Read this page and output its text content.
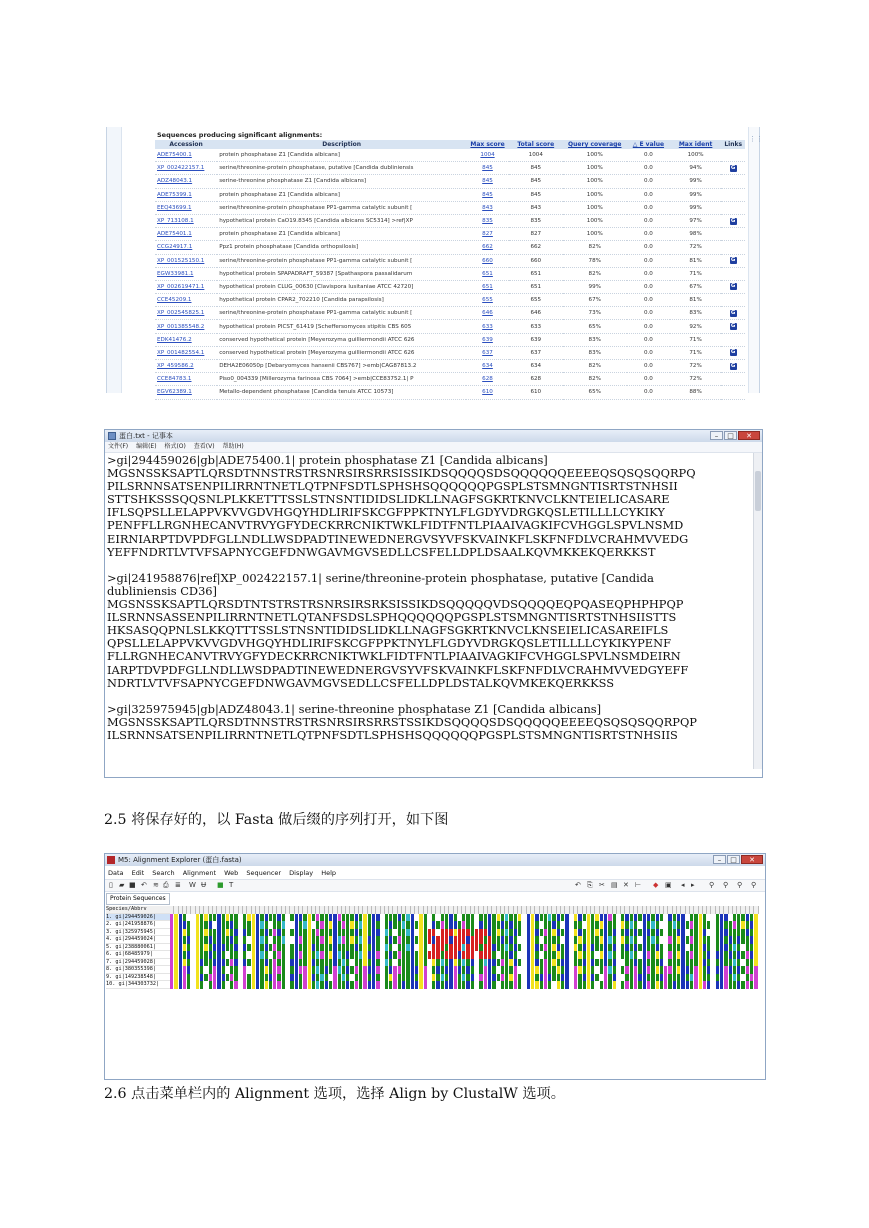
Sequences producing significant alignments:
Accession	Description	Max score	Total score	Query coverage	△ E value	Max ident	Links
ADE75400.1	protein phosphatase Z1 [Candida albicans]	1004	1004	100%	0.0	100%	
XP_002422157.1	serine/threonine-protein phosphatase, putative [Candida dubliniensis	845	845	100%	0.0	94%	G
ADZ48043.1	serine-threonine phosphatase Z1 [Candida albicans]	845	845	100%	0.0	99%	
ADE75399.1	protein phosphatase Z1 [Candida albicans]	845	845	100%	0.0	99%	
EEQ43699.1	serine/threonine-protein phosphatase PP1-gamma catalytic subunit [	843	843	100%	0.0	99%	
XP_713108.1	hypothetical protein CaO19.8345 [Candida albicans SC5314] >ref|XP	835	835	100%	0.0	97%	G
ADE75401.1	protein phosphatase Z1 [Candida albicans]	827	827	100%	0.0	98%	
CCG24917.1	Ppz1 protein phosphatase [Candida orthopsilosis]	662	662	82%	0.0	72%	
XP_001525150.1	serine/threonine-protein phosphatase PP1-gamma catalytic subunit [	660	660	78%	0.0	81%	G
EGW33981.1	hypothetical protein SPAPADRAFT_59387 [Spathaspora passalidarum	651	651	82%	0.0	71%	
XP_002619471.1	hypothetical protein CLUG_00630 [Clavispora lusitaniae ATCC 42720]	651	651	99%	0.0	67%	G
CCE45209.1	hypothetical protein CPAR2_702210 [Candida parapsilosis]	655	655	67%	0.0	81%	
XP_002545825.1	serine/threonine-protein phosphatase PP1-gamma catalytic subunit [	646	646	73%	0.0	83%	G
XP_001385548.2	hypothetical protein PICST_61419 [Scheffersomyces stipitis CBS 605	633	633	65%	0.0	92%	G
EDK41476.2	conserved hypothetical protein [Meyerozyma guilliermondii ATCC 626	639	639	83%	0.0	71%	
XP_001482554.1	conserved hypothetical protein [Meyerozyma guilliermondii ATCC 626	637	637	83%	0.0	71%	G
XP_459586.2	DEHA2E06050p [Debaryomyces hansenii CBS767] >emb|CAG87813.2	634	634	82%	0.0	72%	G
CCE84783.1	Piso0_004339 [Millerozyma farinosa CBS 7064] >emb|CCE83752.1| P	628	628	82%	0.0	72%	
EGV62389.1	Metallo-dependent phosphatase [Candida tenuis ATCC 10573]	610	610	65%	0.0	88%	
⋮⋮
蛋白.txt - 记事本	–	□	✕
文件(F) 编辑(E) 格式(O) 查看(V) 帮助(H)
>gi|294459026|gb|ADE75400.1| protein phosphatase Z1 [Candida albicans]
MGSNSSKSAPTLQRSDTNNSTRSTRSNRSIRSRRSISSIKDSQQQQSDSQQQQQQEEEEQSQSQSQQRPQ
PILSRNNSATSENPILIRRNTNETLQTPNFSDTLSPHSHSQQQQQQPGSPLSTSMNGNTISRTSTNHSII
STTSHKSSSQQSNLPLKKETTTSSLSTNSNTIDIDSLIDKLLNAGFSGKRTKNVCLKNTEIELICASARE
IFLSQPSLLELAPPVKVVGDVHGQYHDLIRIFSKCGFPPKTNYLFLGDYVDRGKQSLETILLLLCYKIKY
PENFFLLRGNHECANVTRVYGFYDECKRRCNIKTWKLFIDTFNTLPIAAIVAGKIFCVHGGLSPVLNSMD
EIRNIARPTDVPDFGLLNDLLWSDPADTINEWEDNERGVSYVFSKVAINKFLSKFNFDLVCRAHMVVEDG
YEFFNDRTLVTVFSAPNYCGEFDNWGAVMGVSEDLLCSFELLDPLDSAALKQVMKKEKQERKKST
>gi|241958876|ref|XP_002422157.1| serine/threonine-protein phosphatase, putative [Candida
dubliniensis CD36]
MGSNSSKSAPTLQRSDTNTSTRSTRSNRSIRSRKSISSIKDSQQQQQVDSQQQQEQPQASEQPHPHPQP
ILSRNNSASSENPILIRRNTNETLQTANFSDSLSPHQQQQQQPGSPLSTSMNGNTISRTSTNHSIISTTS
HKSASQQPNLSLKKQTTTSSLSTNSNTIDIDSLIDKLLNAGFSGKRTKNVCLKNSEIELICASAREIFLS
QPSLLELAPPVKVVGDVHGQYHDLIRIFSKCGFPPKTNYLFLGDYVDRGKQSLETILLLLCYKIKYPENF
FLLRGNHECANVTRVYGFYDECKRRCNIKTWKLFIDTFNTLPIAAIVAGKIFCVHGGLSPVLNSMDEIRN
IARPTDVPDFGLLNDLLWSDPADTINEWEDNERGVSYVFSKVAINKFLSKFNFDLVCRAHMVVEDGYEFF
NDRTLVTVFSAPNYCGEFDNWGAVMGVSEDLLCSFELLDPLDSTALKQVMKEKQERKKSS
>gi|325975945|gb|ADZ48043.1| serine-threonine phosphatase Z1 [Candida albicans]
MGSNSSKSAPTLQRSDTNNSTRSTRSNRSIRSRRSTSSIKDSQQQQSDSQQQQQEEEEQSQSQSQQRPQP
ILSRNNSATSENPILIRRNTNETLQTPNFSDTLSPHSHSQQQQQQPGSPLSTSMNGNTISRTSTNHSIIS
2.5 将保存好的，以 Fasta 做后缀的序列打开，如下图
M5: Alignment Explorer (蛋白.fasta)	–	□	✕
Data Edit Search Alignment Web Sequencer Display Help
▯ ▰ ■ ↶ ≋ ⎙ ≣ W Ʉ ■ T	↶ ⎘ ✂ ▤ ✕ ⊢ ◆ ▣ ◂ ▸ ⚲ ⚲ ⚲ ⚲
Protein Sequences
Species/Abbrv
1. gi|294459026|
2. gi|241958876|
3. gi|325975945|
4. gi|294459024|
5. gi|238880061|
6. gi|68485979|
7. gi|294459028|
8. gi|380355398|
9. gi|149238548|
10. gi|344303732|
2.6 点击菜单栏内的 Alignment 选项，选择 Align by ClustalW 选项。
